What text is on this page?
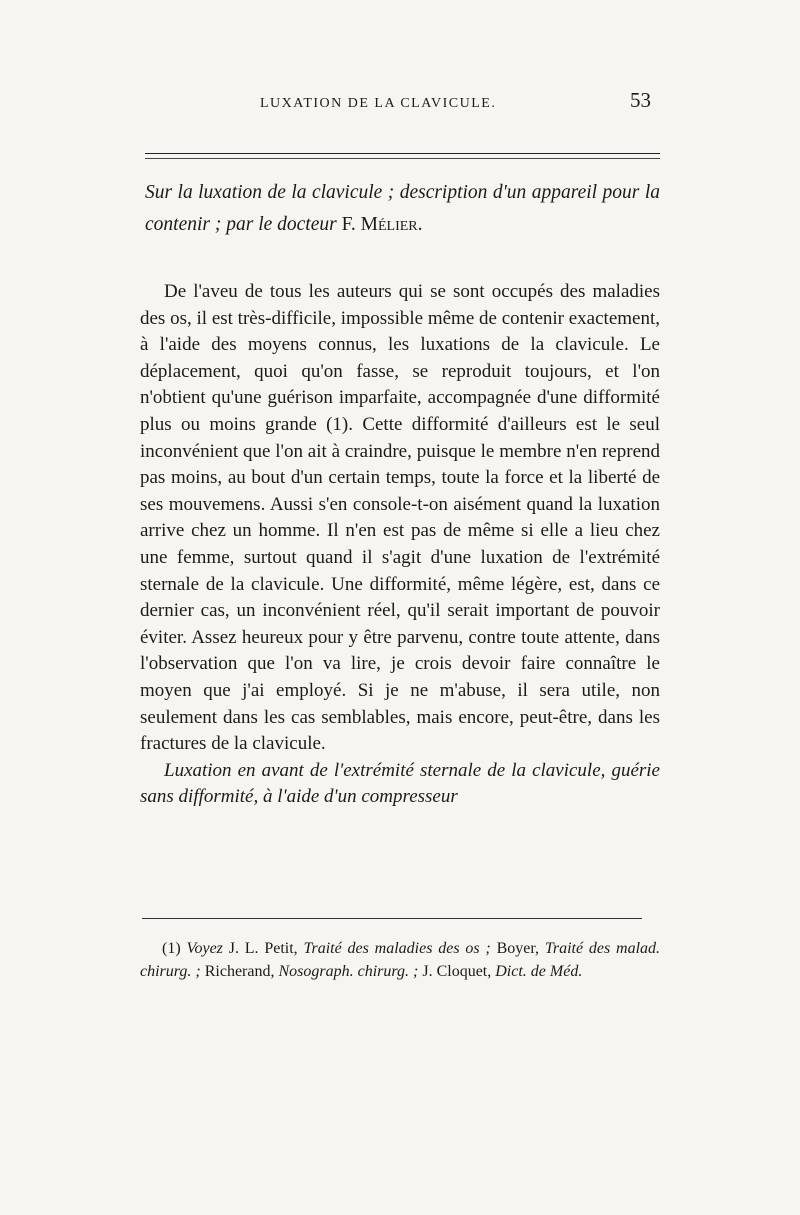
LUXATION DE LA CLAVICULE.	53
Sur la luxation de la clavicule ; description d'un appareil pour la contenir ; par le docteur F. Mélier.

De l'aveu de tous les auteurs qui se sont occupés des maladies des os, il est très-difficile, impossible même de contenir exactement, à l'aide des moyens connus, les luxations de la clavicule. Le déplacement, quoi qu'on fasse, se reproduit toujours, et l'on n'obtient qu'une guérison imparfaite, accompagnée d'une difformité plus ou moins grande (1). Cette difformité d'ailleurs est le seul inconvénient que l'on ait à craindre, puisque le membre n'en reprend pas moins, au bout d'un certain temps, toute la force et la liberté de ses mouvemens. Aussi s'en console-t-on aisément quand la luxation arrive chez un homme. Il n'en est pas de même si elle a lieu chez une femme, surtout quand il s'agit d'une luxation de l'extrémité sternale de la clavicule. Une difformité, même légère, est, dans ce dernier cas, un inconvénient réel, qu'il serait important de pouvoir éviter. Assez heureux pour y être parvenu, contre toute attente, dans l'observation que l'on va lire, je crois devoir faire connaître le moyen que j'ai employé. Si je ne m'abuse, il sera utile, non seulement dans les cas semblables, mais encore, peut-être, dans les fractures de la clavicule.

Luxation en avant de l'extrémité sternale de la clavicule, guérie sans difformité, à l'aide d'un compresseur

(1) Voyez J. L. Petit, Traité des maladies des os ; Boyer, Traité des malad. chirurg. ; Richerand, Nosograph. chirurg. ; J. Cloquet, Dict. de Méd.
